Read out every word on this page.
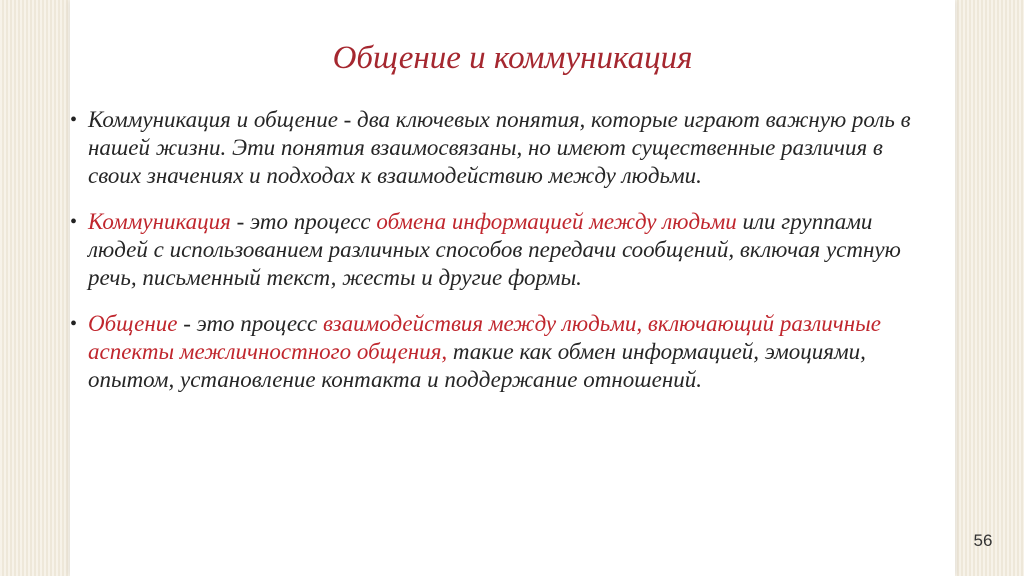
Общение и коммуникация
• Коммуникация и общение - два ключевых понятия, которые играют важную роль в нашей жизни. Эти понятия взаимосвязаны, но имеют существенные различия в своих значениях и подходах к взаимодействию между людьми.
• Коммуникация - это процесс обмена информацией между людьми или группами людей с использованием различных способов передачи сообщений, включая устную речь, письменный текст, жесты и другие формы.
• Общение - это процесс взаимодействия между людьми, включающий различные аспекты межличностного общения, такие как обмен информацией, эмоциями, опытом, установление контакта и поддержание отношений.
56
